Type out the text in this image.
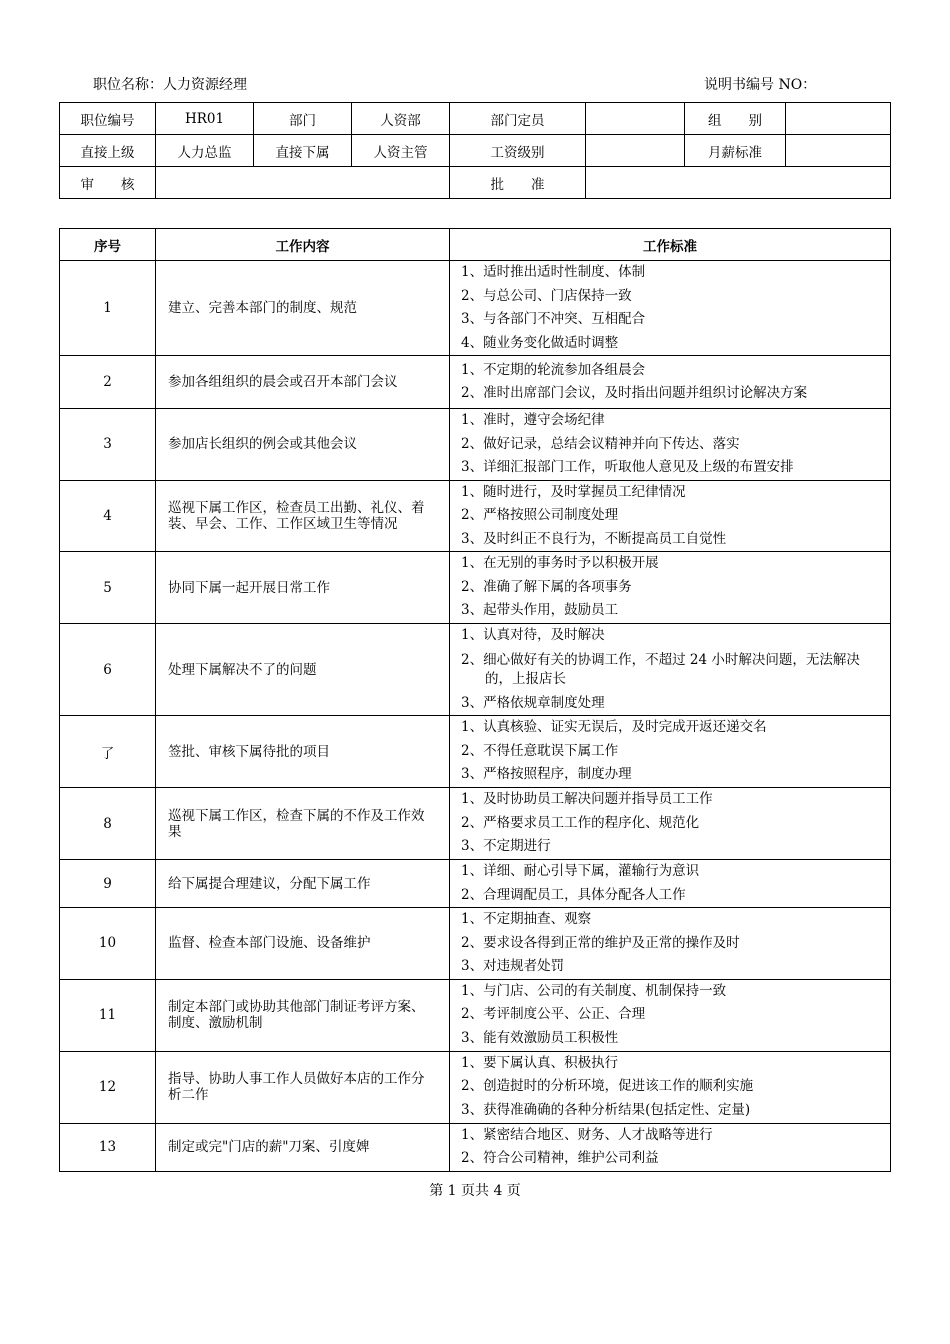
职位名称：人力资源经理	说明书编号 NO：
职位编号	HR01	部门	人资部	部门定员		组　　别	
直接上级	人力总监	直接下属	人资主管	工资级别		月薪标准	
审　　核				批　　准			
序号	工作内容	工作标准
1	建立、完善本部门的制度、规范	1、适时推出适时性制度、体制
2、与总公司、门店保持一致
3、与各部门不冲突、互相配合
4、随业务变化做适时调整

2	参加各组组织的晨会或召开本部门会议	1、不定期的轮流参加各组晨会
2、准时出席部门会议，及时指出问题并组织讨论解决方案

3	参加店长组织的例会或其他会议	1、准时，遵守会场纪律
2、做好记录，总结会议精神并向下传达、落实
3、详细汇报部门工作，听取他人意见及上级的布置安排

4	巡视下属工作区，检查员工出勤、礼仪、着装、早会、工作、工作区域卫生等情况	1、随时进行，及时掌握员工纪律情况
2、严格按照公司制度处理
3、及时纠正不良行为，不断提高员工自觉性

5	协同下属一起开展日常工作	1、在无别的事务时予以积极开展
2、准确了解下属的各项事务
3、起带头作用，鼓励员工

6	处理下属解决不了的问题	1、认真对待，及时解决
2、细心做好有关的协调工作，不超过 24 小时解决问题，无法解决的，上报店长
3、严格依规章制度处理

了	签批、审核下属待批的项目	1、认真核验、证实无误后，及时完成开返还递交名
2、不得任意耽误下属工作
3、严格按照程序，制度办理

8	巡视下属工作区，检查下属的不作及工作效果	1、及时协助员工解决问题并指导员工工作
2、严格要求员工工作的程序化、规范化
3、不定期进行

9	给下属提合理建议，分配下属工作	1、详细、耐心引导下属，灌输行为意识
2、合理调配员工，具体分配各人工作

10	监督、检查本部门设施、设备维护	1、不定期抽查、观察
2、要求设各得到正常的维护及正常的操作及时
3、对违规者处罚

11	制定本部门或协助其他部门制证考评方案、制度、激励机制	1、与门店、公司的有关制度、机制保持一致
2、考评制度公平、公正、合理
3、能有效激励员工积极性

12	指导、协助人事工作人员做好本店的工作分析二作	1、要下属认真、积极执行
2、创造挝时的分析环境，促进该工作的顺利实施
3、获得准确确的各种分析结果(包括定性、定量)

13	制定或完"门店的薪"刀案、引度婢	1、紧密结合地区、财务、人才战略等进行
2、符合公司精神，维护公司利益
第 1 页共 4 页
